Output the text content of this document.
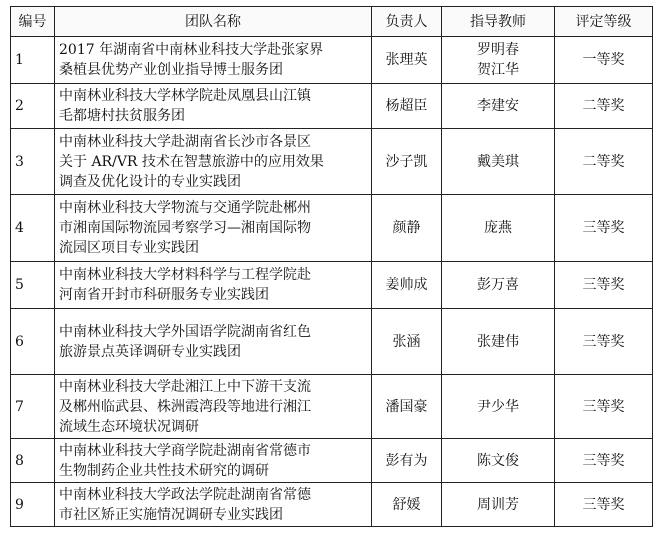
编号	团队名称	负责人	指导教师	评定等级
1	2017 年湖南省中南林业科技大学赴张家界
桑植县优势产业创业指导博士服务团	张理英	罗明春
贺江华	一等奖
2	中南林业科技大学林学院赴凤凰县山江镇
毛都塘村扶贫服务团	杨超臣	李建安	二等奖
3	中南林业科技大学赴湖南省长沙市各景区
关于 AR/VR 技术在智慧旅游中的应用效果
调查及优化设计的专业实践团	沙子凯	戴美琪	二等奖
4	中南林业科技大学物流与交通学院赴郴州
市湘南国际物流园考察学习—湘南国际物
流园区项目专业实践团	颜静	庞燕	三等奖
5	中南林业科技大学材料科学与工程学院赴
河南省开封市科研服务专业实践团	姜帅成	彭万喜	三等奖
6	中南林业科技大学外国语学院湖南省红色
旅游景点英译调研专业实践团	张涵	张建伟	三等奖
7	中南林业科技大学赴湘江上中下游干支流
及郴州临武县、株洲霞湾段等地进行湘江
流域生态环境状况调研	潘国豪	尹少华	三等奖
8	中南林业科技大学商学院赴湖南省常德市
生物制药企业共性技术研究的调研	彭有为	陈文俊	三等奖
9	中南林业科技大学政法学院赴湖南省常德
市社区矫正实施情况调研专业实践团	舒媛	周训芳	三等奖
